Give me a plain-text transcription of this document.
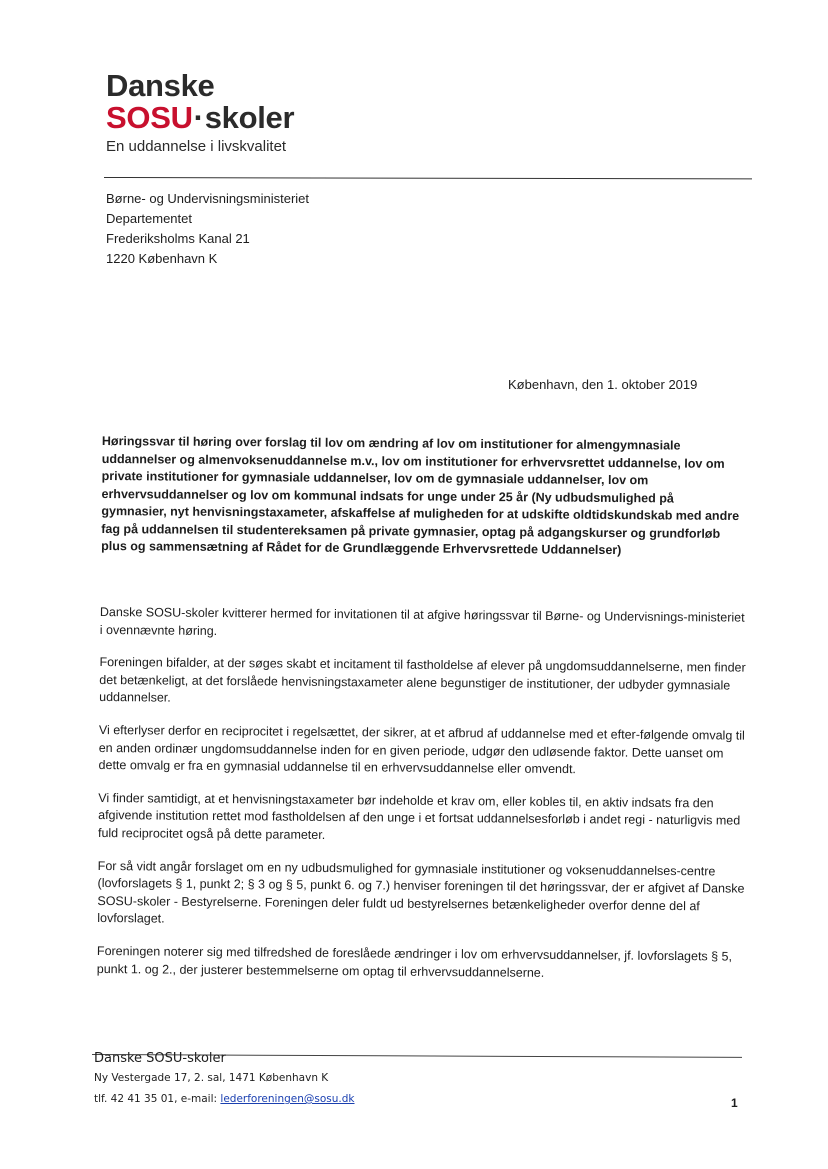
Danske
SOSU·skoler
En uddannelse i livskvalitet
Børne- og Undervisningsministeriet
Departementet
Frederiksholms Kanal 21
1220 København K
København, den 1. oktober 2019
Høringssvar til høring over forslag til lov om ændring af lov om institutioner for almengymnasiale uddannelser og almenvoksenuddannelse m.v., lov om institutioner for erhvervsrettet uddannelse, lov om private institutioner for gymnasiale uddannelser, lov om de gymnasiale uddannelser, lov om erhvervsuddannelser og lov om kommunal indsats for unge under 25 år (Ny udbudsmulighed på gymnasier, nyt henvisningstaxameter, afskaffelse af muligheden for at udskifte oldtidskundskab med andre fag på uddannelsen til studentereksamen på private gymnasier, optag på adgangskurser og grundforløb plus og sammensætning af Rådet for de Grundlæggende Erhvervsrettede Uddannelser)

Danske SOSU-skoler kvitterer hermed for invitationen til at afgive høringssvar til Børne- og Undervisnings-ministeriet i ovennævnte høring.

Foreningen bifalder, at der søges skabt et incitament til fastholdelse af elever på ungdomsuddannelserne, men finder det betænkeligt, at det forslåede henvisningstaxameter alene begunstiger de institutioner, der udbyder gymnasiale uddannelser.

Vi efterlyser derfor en reciprocitet i regelsættet, der sikrer, at et afbrud af uddannelse med et efter-følgende omvalg til en anden ordinær ungdomsuddannelse inden for en given periode, udgør den udløsende faktor. Dette uanset om dette omvalg er fra en gymnasial uddannelse til en erhvervsuddannelse eller omvendt.

Vi finder samtidigt, at et henvisningstaxameter bør indeholde et krav om, eller kobles til, en aktiv indsats fra den afgivende institution rettet mod fastholdelsen af den unge i et fortsat uddannelsesforløb i andet regi - naturligvis med fuld reciprocitet også på dette parameter.

For så vidt angår forslaget om en ny udbudsmulighed for gymnasiale institutioner og voksenuddannelses-centre (lovforslagets § 1, punkt 2; § 3 og § 5, punkt 6. og 7.) henviser foreningen til det høringssvar, der er afgivet af Danske SOSU-skoler - Bestyrelserne. Foreningen deler fuldt ud bestyrelsernes betænkeligheder overfor denne del af lovforslaget.

Foreningen noterer sig med tilfredshed de foreslåede ændringer i lov om erhvervsuddannelser, jf. lovforslagets § 5, punkt 1. og 2., der justerer bestemmelserne om optag til erhvervsuddannelserne.

Danske SOSU-skoler
Ny Vestergade 17, 2. sal, 1471 København K
tlf. 42 41 35 01, e-mail: lederforeningen@sosu.dk	1
